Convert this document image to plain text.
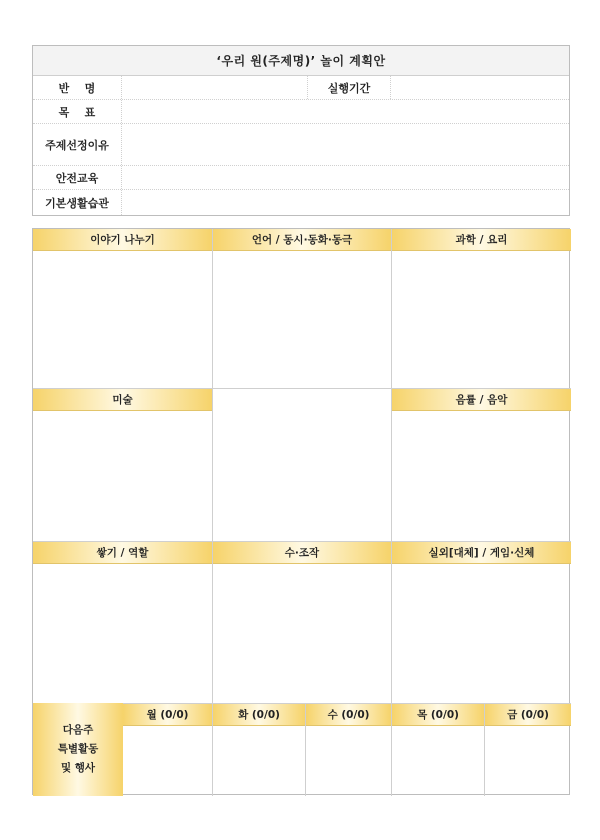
‘우리 원(주제명)’ 놀이 계획안
반 명	실행기간
목 표
주제선정이유
안전교육
기본생활습관
이야기 나누기	언어 / 동시·동화·동극	과학 / 요리
미술	음률 / 음악
쌓기 / 역할	수·조작	실외[대체] / 게임·신체
다음주
특별활동
및 행사
월 (0/0)	화 (0/0)	수 (0/0)	목 (0/0)	금 (0/0)
